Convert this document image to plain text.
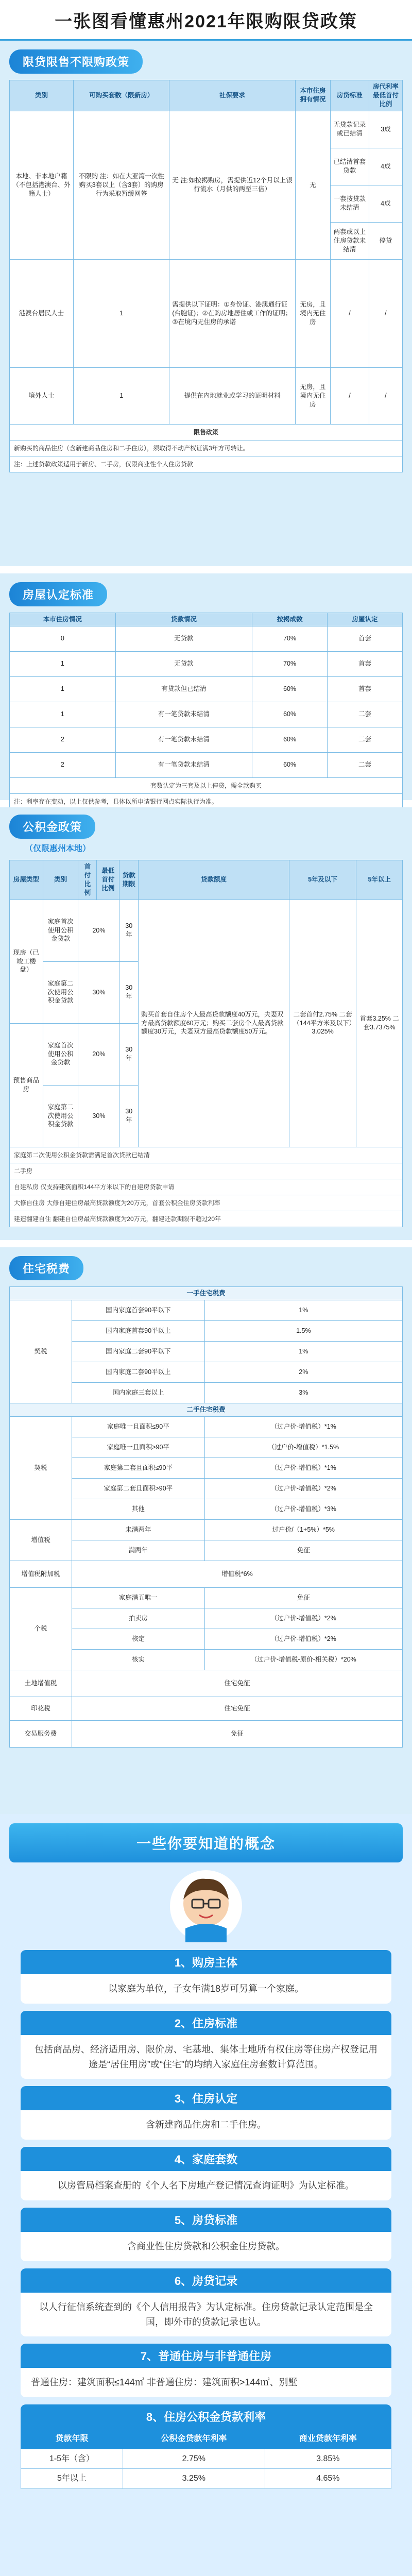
一张图看懂惠州2021年限购限贷政策
限贷限售不限购政策
类别	可购买套数（限新房）	社保要求	本市住房拥有情况	房贷标准	房代利率最低首付比例
本地、非本地户籍（不包括港澳台、外籍人士）	不限购 注：如在大亚湾一次性购买3套以上（含3套）的购房行为采取暂缓网签	无 注:如按揭购房，需提供近12个月以上银行流水（月供的两至三倍）	无	无贷款记录或已结清	3成
				已结清首套贷款	4成
				一套按贷款未结清	4成
				两套或以上住房贷款未结清	停贷
港澳台居民人士	1	需提供以下证明：①身份证、港澳通行证(台胞证)；②在购房地居住或工作的证明；③在境内无住房的承诺	无房，且境内无住房	/	/
境外人士	1	提供在内地就业或学习的证明材料	无房，且境内无住房	/	/
限售政策
新购买的商品住房（含新建商品住房和二手住房），须取得不动产权证满3年方可转让。
注：上述贷款政策适用于新房、二手房，仅限商业性个人住房贷款
房屋认定标准
本市住房情况	贷款情况	按揭成数	房屋认定
0	无贷款	70%	首套
1	无贷款	70%	首套
1	有贷款但已结清	60%	首套
1	有一笔贷款未结清	60%	二套
2	有一笔贷款未结清	60%	二套
2	有一笔贷款未结清	60%	二套
套数认定为三套及以上停贷，需全款购买
注：利率存在变动，以上仅供参考，具体以所申请银行网点实际执行为准。
公积金政策
（仅限惠州本地）
房屋类型	类别	首付比例	最低首付比例	贷款期限	贷款额度	5年及以下	5年以上
现房（已竣工楼盘）	家庭首次使用公积金贷款	20%		30年	购买首套自住房个人最高贷款额度40万元，夫妻双方最高贷款额度60万元；购买二套房个人最高贷款额度30万元，夫妻双方最高贷款额度50万元。	二套首付2.75% 二套（144平方米及以下）3.025%	首套3.25% 二套3.7375%
	家庭第二次使用公积金贷款	30%		30年			
预售商品房	家庭首次使用公积金贷款	20%		30年			
	家庭第二次使用公积金贷款	30%		30年			
家庭第二次使用公积金贷款需满足首次贷款已结清
二手房
自建私房 仅支持建筑面积144平方米以下的自建房贷款申请
大修自住房 大修自建住房最高贷款额度为20万元，首套公积金住房贷款利率
建造翻建自住 翻建自住房最高贷款额度为20万元，翻建还款期限不超过20年
住宅税费
一手住宅税费		
契税	国内家庭首套90平以下	1%
	国内家庭首套90平以上	1.5%
	国内家庭二套90平以下	1%
	国内家庭二套90平以上	2%
	国内家庭三套以上	3%
二手住宅税费		
契税	家庭唯一且面积≤90平	（过户价-增值税）*1%
	家庭唯一且面积>90平	（过户价-增值税）*1.5%
	家庭第二套且面积≤90平	（过户价-增值税）*1%
	家庭第二套且面积>90平	（过户价-增值税）*2%
	其他	（过户价-增值税）*3%
增值税	未满两年	过户价/（1+5%）*5%
	满两年	免征
增值税附加税	增值税*6%	
个税	家庭满五唯一	免征
	拍卖房	（过户价-增值税）*2%
	核定	（过户价-增值税）*2%
	核实	（过户价-增值税-原价-相关税）*20%
土地增值税	住宅免征	
印花税	住宅免征	
交易服务费	免征	
一些你要知道的概念
1、购房主体
以家庭为单位，子女年满18岁可另算一个家庭。
2、住房标准
包括商品房、经济适用房、限价房、宅基地、集体土地所有权住房等住房产权登记用途是“居住用房”或“住宅”的均纳入家庭住房套数计算范围。
3、住房认定
含新建商品住房和二手住房。
4、家庭套数
以房管局档案查册的《个人名下房地产登记情况查询证明》为认定标准。
5、房贷标准
含商业性住房贷款和公积金住房贷款。
6、房贷记录
以人行征信系统查到的《个人信用报告》为认定标准。住房贷款记录认定范围是全国，即外市的贷款记录也认。
7、普通住房与非普通住房
普通住房：建筑面积≤144㎡ 非普通住房：建筑面积>144㎡、别墅
8、住房公积金贷款利率
贷款年限	公积金贷款年利率	商业贷款年利率
1-5年（含）	2.75%	3.85%
5年以上	3.25%	4.65%
